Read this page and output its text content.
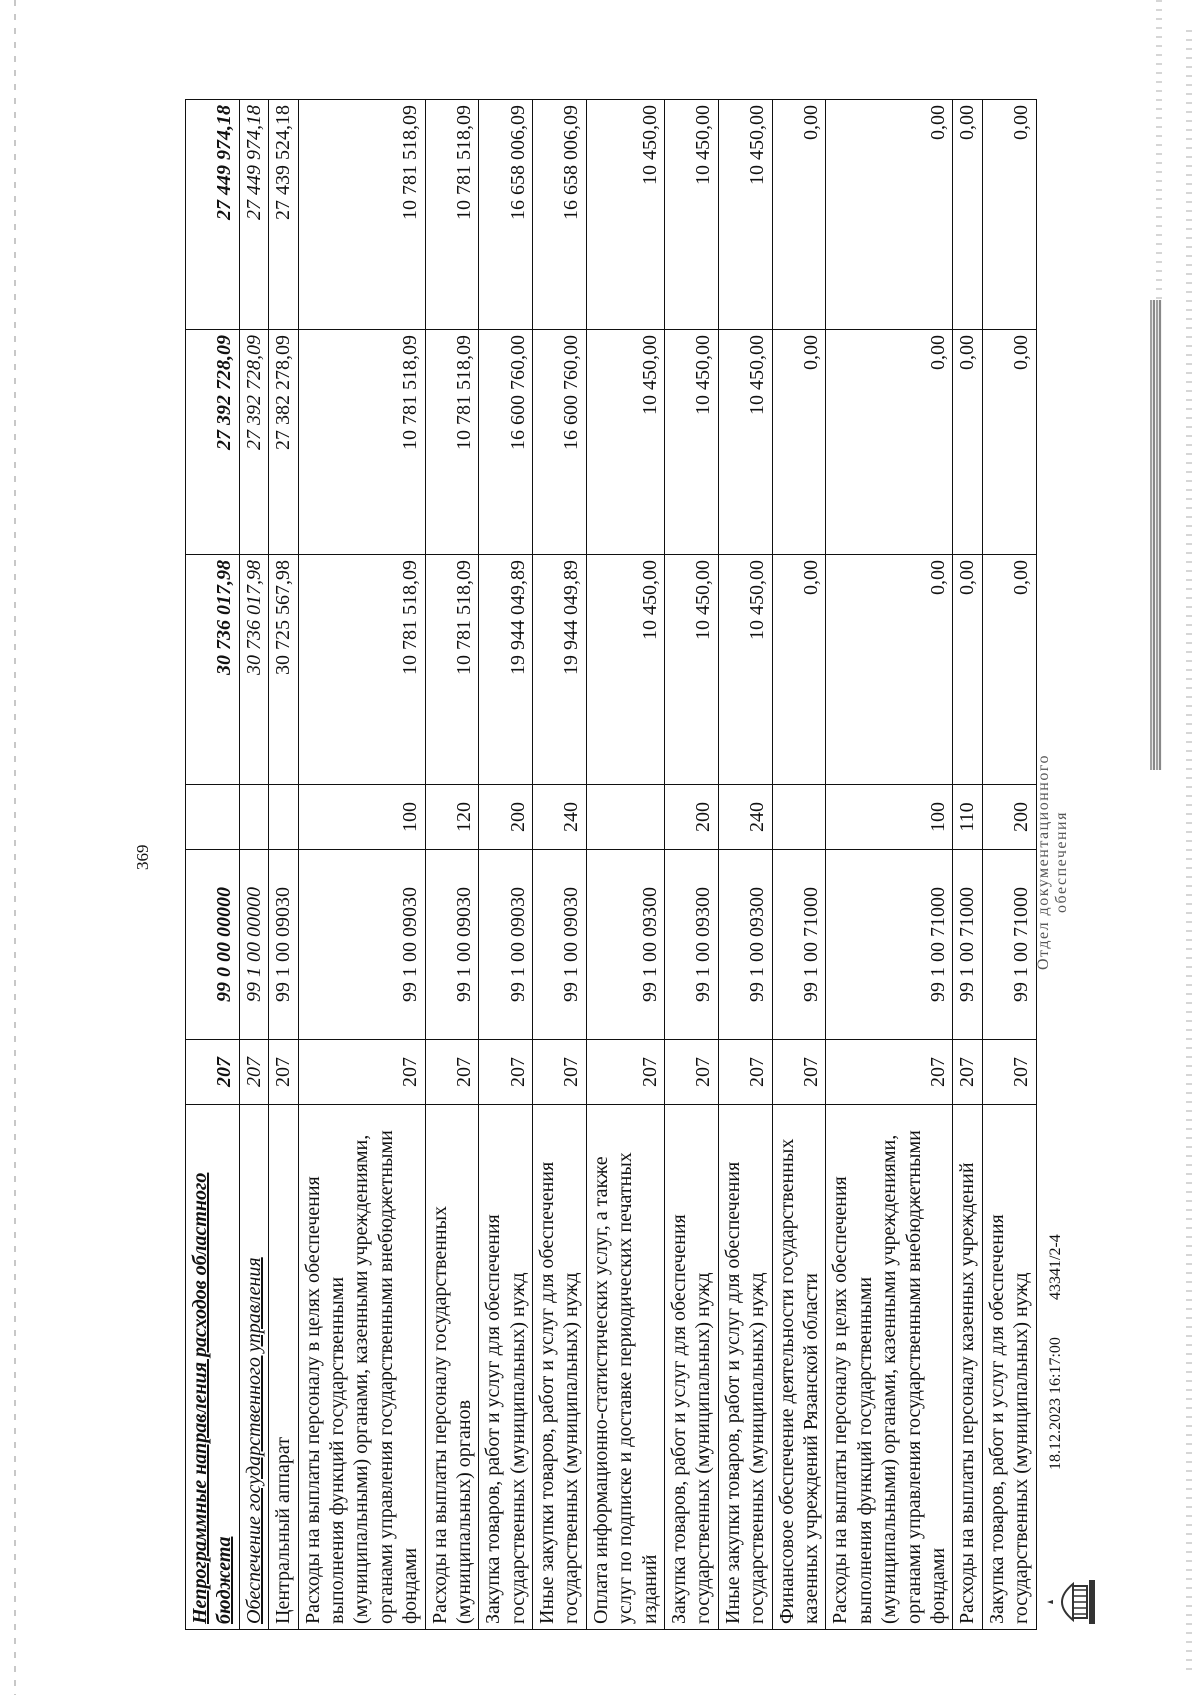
369
Непрограммные направления расходов областного бюджета	207	99 0 00 00000		30 736 017,98	27 392 728,09	27 449 974,18
Обеспечение государственного управления	207	99 1 00 00000		30 736 017,98	27 392 728,09	27 449 974,18
Центральный аппарат	207	99 1 00 09030		30 725 567,98	27 382 278,09	27 439 524,18
Расходы на выплаты персоналу в целях обеспечения выполнения функций государственными (муниципальными) органами, казенными учреждениями, органами управления государственными внебюджетными фондами	207	99 1 00 09030	100	10 781 518,09	10 781 518,09	10 781 518,09
Расходы на выплаты персоналу государственных (муниципальных) органов	207	99 1 00 09030	120	10 781 518,09	10 781 518,09	10 781 518,09
Закупка товаров, работ и услуг для обеспечения государственных (муниципальных) нужд	207	99 1 00 09030	200	19 944 049,89	16 600 760,00	16 658 006,09
Иные закупки товаров, работ и услуг для обеспечения государственных (муниципальных) нужд	207	99 1 00 09030	240	19 944 049,89	16 600 760,00	16 658 006,09
Оплата информационно-статистических услуг, а также услуг по подписке и доставке периодических печатных изданий	207	99 1 00 09300		10 450,00	10 450,00	10 450,00
Закупка товаров, работ и услуг для обеспечения государственных (муниципальных) нужд	207	99 1 00 09300	200	10 450,00	10 450,00	10 450,00
Иные закупки товаров, работ и услуг для обеспечения государственных (муниципальных) нужд	207	99 1 00 09300	240	10 450,00	10 450,00	10 450,00
Финансовое обеспечение деятельности государственных казенных учреждений Рязанской области	207	99 1 00 71000		0,00	0,00	0,00
Расходы на выплаты персоналу в целях обеспечения выполнения функций государственными (муниципальными) органами, казенными учреждениями, органами управления государственными внебюджетными фондами	207	99 1 00 71000	100	0,00	0,00	0,00
Расходы на выплаты персоналу казенных учреждений	207	99 1 00 71000	110	0,00	0,00	0,00
Закупка товаров, работ и услуг для обеспечения государственных (муниципальных) нужд	207	99 1 00 71000	200	0,00	0,00	0,00
18.12.2023 16:17:00
43341/2-4
Отдел документационного обеспечения
